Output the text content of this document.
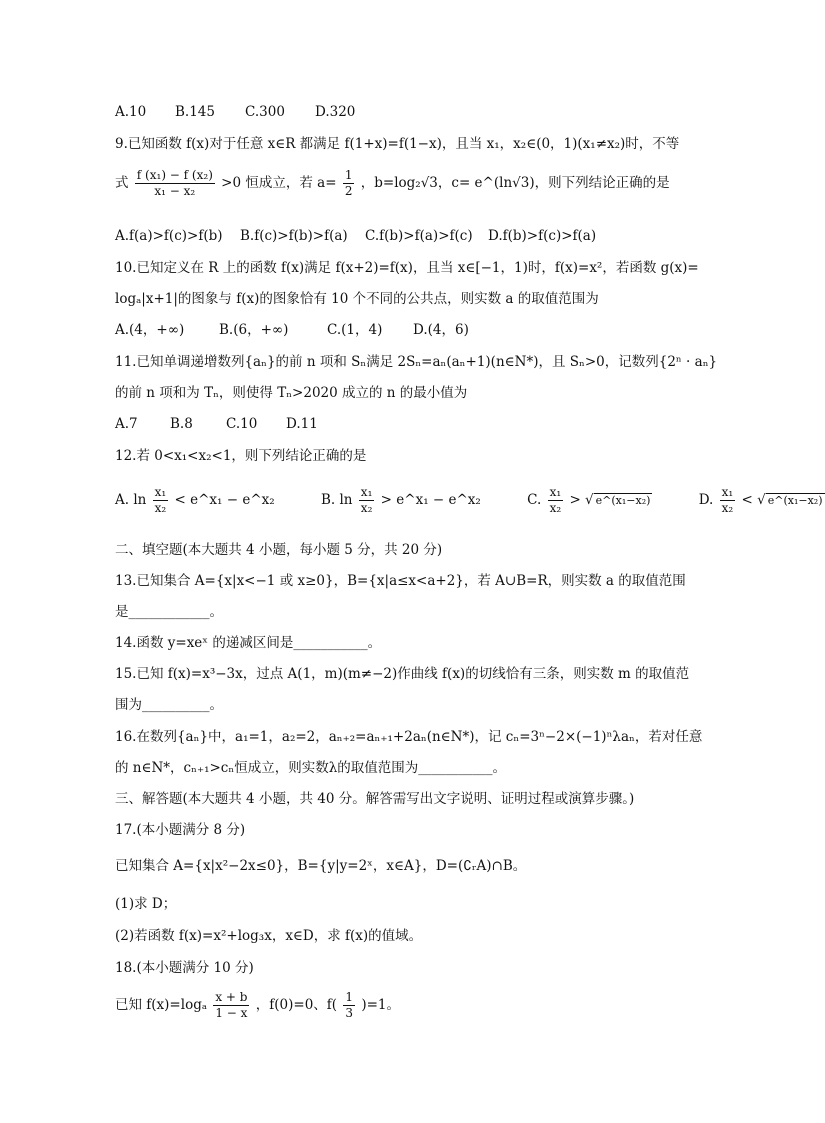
A.10 B.145 C.300 D.320
9.已知函数 f(x)对于任意 x∈R 都满足 f(1+x)=f(1−x)，且当 x₁，x₂∈(0，1)(x₁≠x₂)时，不等
式 $\frac{\text{f (x₁) − f (x₂)}}{\text{x₁ − x₂}} >0$ 恒成立，若 $a= \frac{1}{2}$ ，b=log₂√3，c= e^(ln√3)，则下列结论正确的是
A.f(a)>f(c)>f(b) B.f(c)>f(b)>f(a) C.f(b)>f(a)>f(c) D.f(b)>f(c)>f(a)
10.已知定义在 R 上的函数 f(x)满足 f(x+2)=f(x)，且当 x∈[−1，1)时，f(x)=x²，若函数 g(x)=
logₐ|x+1|的图象与 f(x)的图象恰有 10 个不同的公共点，则实数 a 的取值范围为
A.(4，+∞)	B.(6，+∞)	C.(1，4) D.(4，6)
11.已知单调递增数列{aₙ}的前 n 项和 Sₙ满足 2Sₙ=aₙ(aₙ+1)(n∈N*)，且 Sₙ>0，记数列{2ⁿ · aₙ}
的前 n 项和为 Tₙ，则使得 Tₙ>2020 成立的 n 的最小值为
A.7 B.8 C.10 D.11
12.若 0<x₁<x₂<1，则下列结论正确的是
A. $\ln \frac{\text{x₁}}{\text{x₂}}$ < e^x₁ − e^x₂	B. $\ln \frac{\text{x₁}}{\text{x₂}}$ > e^x₁ − e^x₂	C. $\frac{\text{x₁}}{\text{x₂}}$ > √ e^(x₁−x₂)	D. $\frac{\text{x₁}}{\text{x₂}}$ < √ e^(x₁−x₂)
二、填空题(本大题共 4 小题，每小题 5 分，共 20 分)
13.已知集合 A={x|x<−1 或 x≥0}，B={x|a≤x<a+2}，若 A∪B=R，则实数 a 的取值范围
是____________。
14.函数 y=xeˣ 的递减区间是___________。
15.已知 f(x)=x³−3x，过点 A(1，m)(m≠−2)作曲线 f(x)的切线恰有三条，则实数 m 的取值范
围为__________。
16.在数列{aₙ}中，a₁=1，a₂=2，aₙ₊₂=aₙ₊₁+2aₙ(n∈N*)，记 cₙ=3ⁿ−2×(−1)ⁿλaₙ，若对任意
的 n∈N*，cₙ₊₁>cₙ恒成立，则实数λ的取值范围为___________。
三、解答题(本大题共 4 小题，共 40 分。解答需写出文字说明、证明过程或演算步骤。)
17.(本小题满分 8 分)
已知集合 A={x|x²−2x≤0}，B={y|y=2ˣ，x∈A}，D=(∁ᵣA)∩B。
(1)求 D；
(2)若函数 f(x)=x²+log₃x，x∈D，求 f(x)的值域。
18.(本小题满分 10 分)
已知 $f(x)=\log_a \frac{x + b}{1 - x}$ ，f(0)=0、$f( \frac{1}{3} )=1$。
